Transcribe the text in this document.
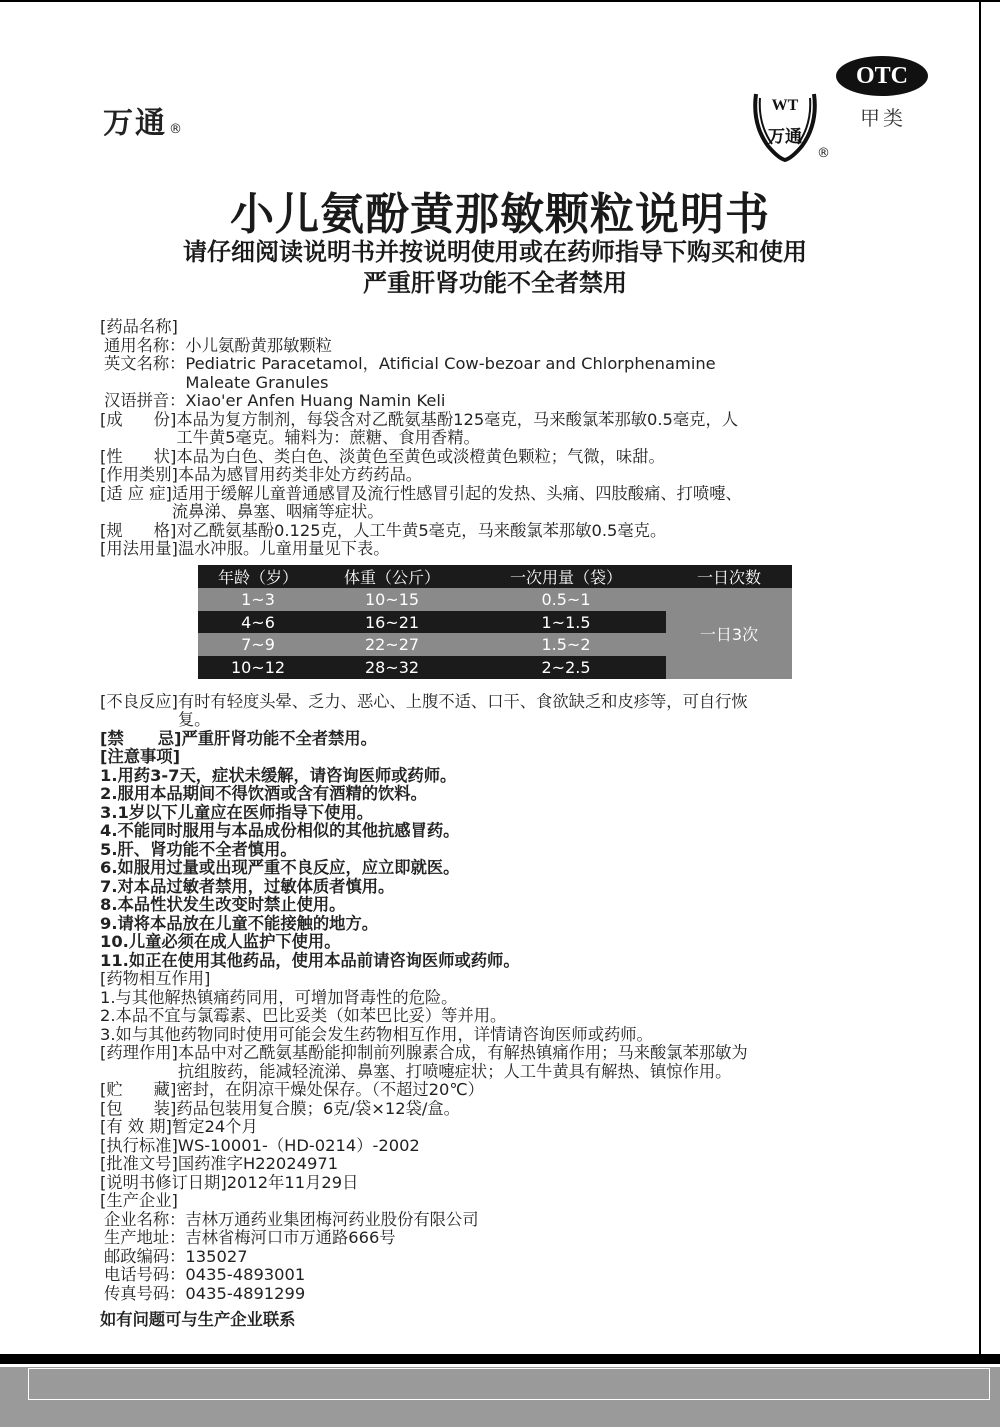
万通 ®
WT
万通
®
OTC
甲类
小儿氨酚黄那敏颗粒说明书
请仔细阅读说明书并按说明使用或在药师指导下购买和使用
严重肝肾功能不全者禁用
[药品名称]
通用名称： 小儿氨酚黄那敏颗粒
英文名称： Pediatric Paracetamol，Atificial Cow-bezoar and Chlorphenamine
Maleate Granules
汉语拼音： Xiao'er Anfen Huang Namin Keli
[成      份] 本品为复方制剂，每袋含对乙酰氨基酚125毫克，马来酸氯苯那敏0.5毫克，人
工牛黄5毫克。辅料为：蔗糖、食用香精。
[性      状] 本品为白色、类白色、淡黄色至黄色或淡橙黄色颗粒；气微，味甜。
[作用类别] 本品为感冒用药类非处方药药品。
[适 应 症] 适用于缓解儿童普通感冒及流行性感冒引起的发热、头痛、四肢酸痛、打喷嚏、
流鼻涕、鼻塞、咽痛等症状。
[规      格] 对乙酰氨基酚0.125克，人工牛黄5毫克，马来酸氯苯那敏0.5毫克。
[用法用量] 温水冲服。儿童用量见下表。
[不良反应] 有时有轻度头晕、乏力、恶心、上腹不适、口干、食欲缺乏和皮疹等，可自行恢
复。
[禁      忌] 严重肝肾功能不全者禁用。
[注意事项]
1.用药3-7天，症状未缓解，请咨询医师或药师。
2.服用本品期间不得饮酒或含有酒精的饮料。
3.1岁以下儿童应在医师指导下使用。
4.不能同时服用与本品成份相似的其他抗感冒药。
5.肝、肾功能不全者慎用。
6.如服用过量或出现严重不良反应，应立即就医。
7.对本品过敏者禁用，过敏体质者慎用。
8.本品性状发生改变时禁止使用。
9.请将本品放在儿童不能接触的地方。
10.儿童必须在成人监护下使用。
11.如正在使用其他药品，使用本品前请咨询医师或药师。
[药物相互作用]
1.与其他解热镇痛药同用，可增加肾毒性的危险。
2.本品不宜与氯霉素、巴比妥类（如苯巴比妥）等并用。
3.如与其他药物同时使用可能会发生药物相互作用，详情请咨询医师或药师。
[药理作用] 本品中对乙酰氨基酚能抑制前列腺素合成，有解热镇痛作用；马来酸氯苯那敏为
抗组胺药，能减轻流涕、鼻塞、打喷嚏症状；人工牛黄具有解热、镇惊作用。
[贮      藏] 密封，在阴凉干燥处保存。（不超过20℃）
[包      装] 药品包装用复合膜；6克/袋×12袋/盒。
[有 效 期] 暂定24个月
[执行标准] WS-10001-（HD-0214）-2002
[批准文号] 国药准字H22024971
[说明书修订日期] 2012年11月29日
[生产企业]
企业名称： 吉林万通药业集团梅河药业股份有限公司
生产地址： 吉林省梅河口市万通路666号
邮政编码： 135027
电话号码： 0435-4893001
传真号码： 0435-4891299
如有问题可与生产企业联系
年龄（岁）	体重（公斤）	一次用量（袋）	一日次数
1~3	10~15	0.5~1	一日3次
4~6	16~21	1~1.5	
7~9	22~27	1.5~2	
10~12	28~32	2~2.5	
